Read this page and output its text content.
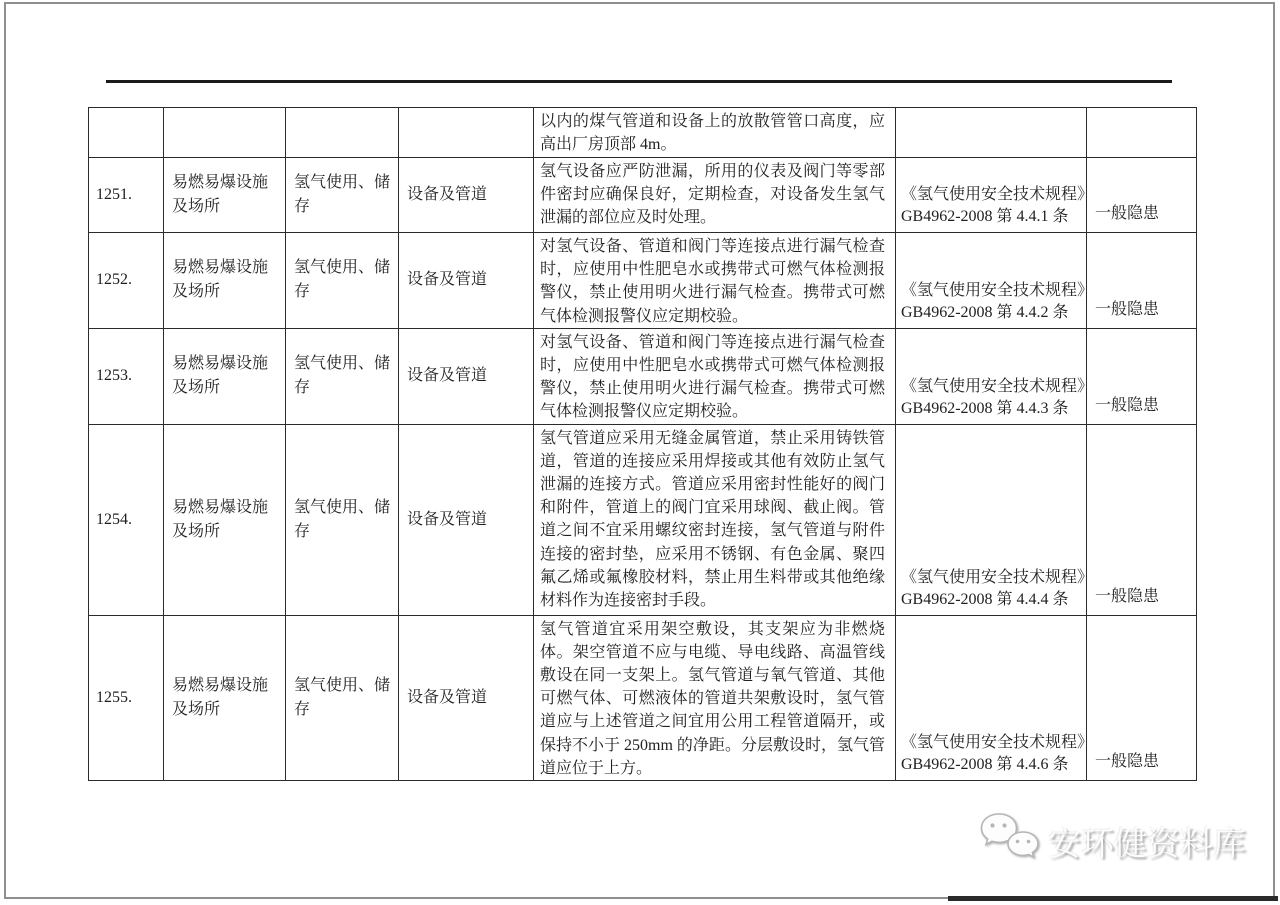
				以内的煤气管道和设备上的放散管管口高度，应高出厂房顶部 4m。		
1251.	易燃易爆设施及场所	氢气使用、储存	设备及管道	氢气设备应严防泄漏，所用的仪表及阀门等零部件密封应确保良好，定期检查，对设备发生氢气泄漏的部位应及时处理。	《氢气使用安全技术规程》GB4962-2008 第 4.4.1 条	一般隐患
1252.	易燃易爆设施及场所	氢气使用、储存	设备及管道	对氢气设备、管道和阀门等连接点进行漏气检查时，应使用中性肥皂水或携带式可燃气体检测报警仪，禁止使用明火进行漏气检查。携带式可燃气体检测报警仪应定期校验。	《氢气使用安全技术规程》GB4962-2008 第 4.4.2 条	一般隐患
1253.	易燃易爆设施及场所	氢气使用、储存	设备及管道	对氢气设备、管道和阀门等连接点进行漏气检查时，应使用中性肥皂水或携带式可燃气体检测报警仪，禁止使用明火进行漏气检查。携带式可燃气体检测报警仪应定期校验。	《氢气使用安全技术规程》GB4962-2008 第 4.4.3 条	一般隐患
1254.	易燃易爆设施及场所	氢气使用、储存	设备及管道	氢气管道应采用无缝金属管道，禁止采用铸铁管道，管道的连接应采用焊接或其他有效防止氢气泄漏的连接方式。管道应采用密封性能好的阀门和附件，管道上的阀门宜采用球阀、截止阀。管道之间不宜采用螺纹密封连接，氢气管道与附件连接的密封垫，应采用不锈钢、有色金属、聚四氟乙烯或氟橡胶材料，禁止用生料带或其他绝缘材料作为连接密封手段。	《氢气使用安全技术规程》GB4962-2008 第 4.4.4 条	一般隐患
1255.	易燃易爆设施及场所	氢气使用、储存	设备及管道	氢气管道宜采用架空敷设，其支架应为非燃烧体。架空管道不应与电缆、导电线路、高温管线敷设在同一支架上。氢气管道与氧气管道、其他可燃气体、可燃液体的管道共架敷设时，氢气管道应与上述管道之间宜用公用工程管道隔开，或保持不小于 250mm 的净距。分层敷设时，氢气管道应位于上方。	《氢气使用安全技术规程》GB4962-2008 第 4.4.6 条	一般隐患
安环健资料库
